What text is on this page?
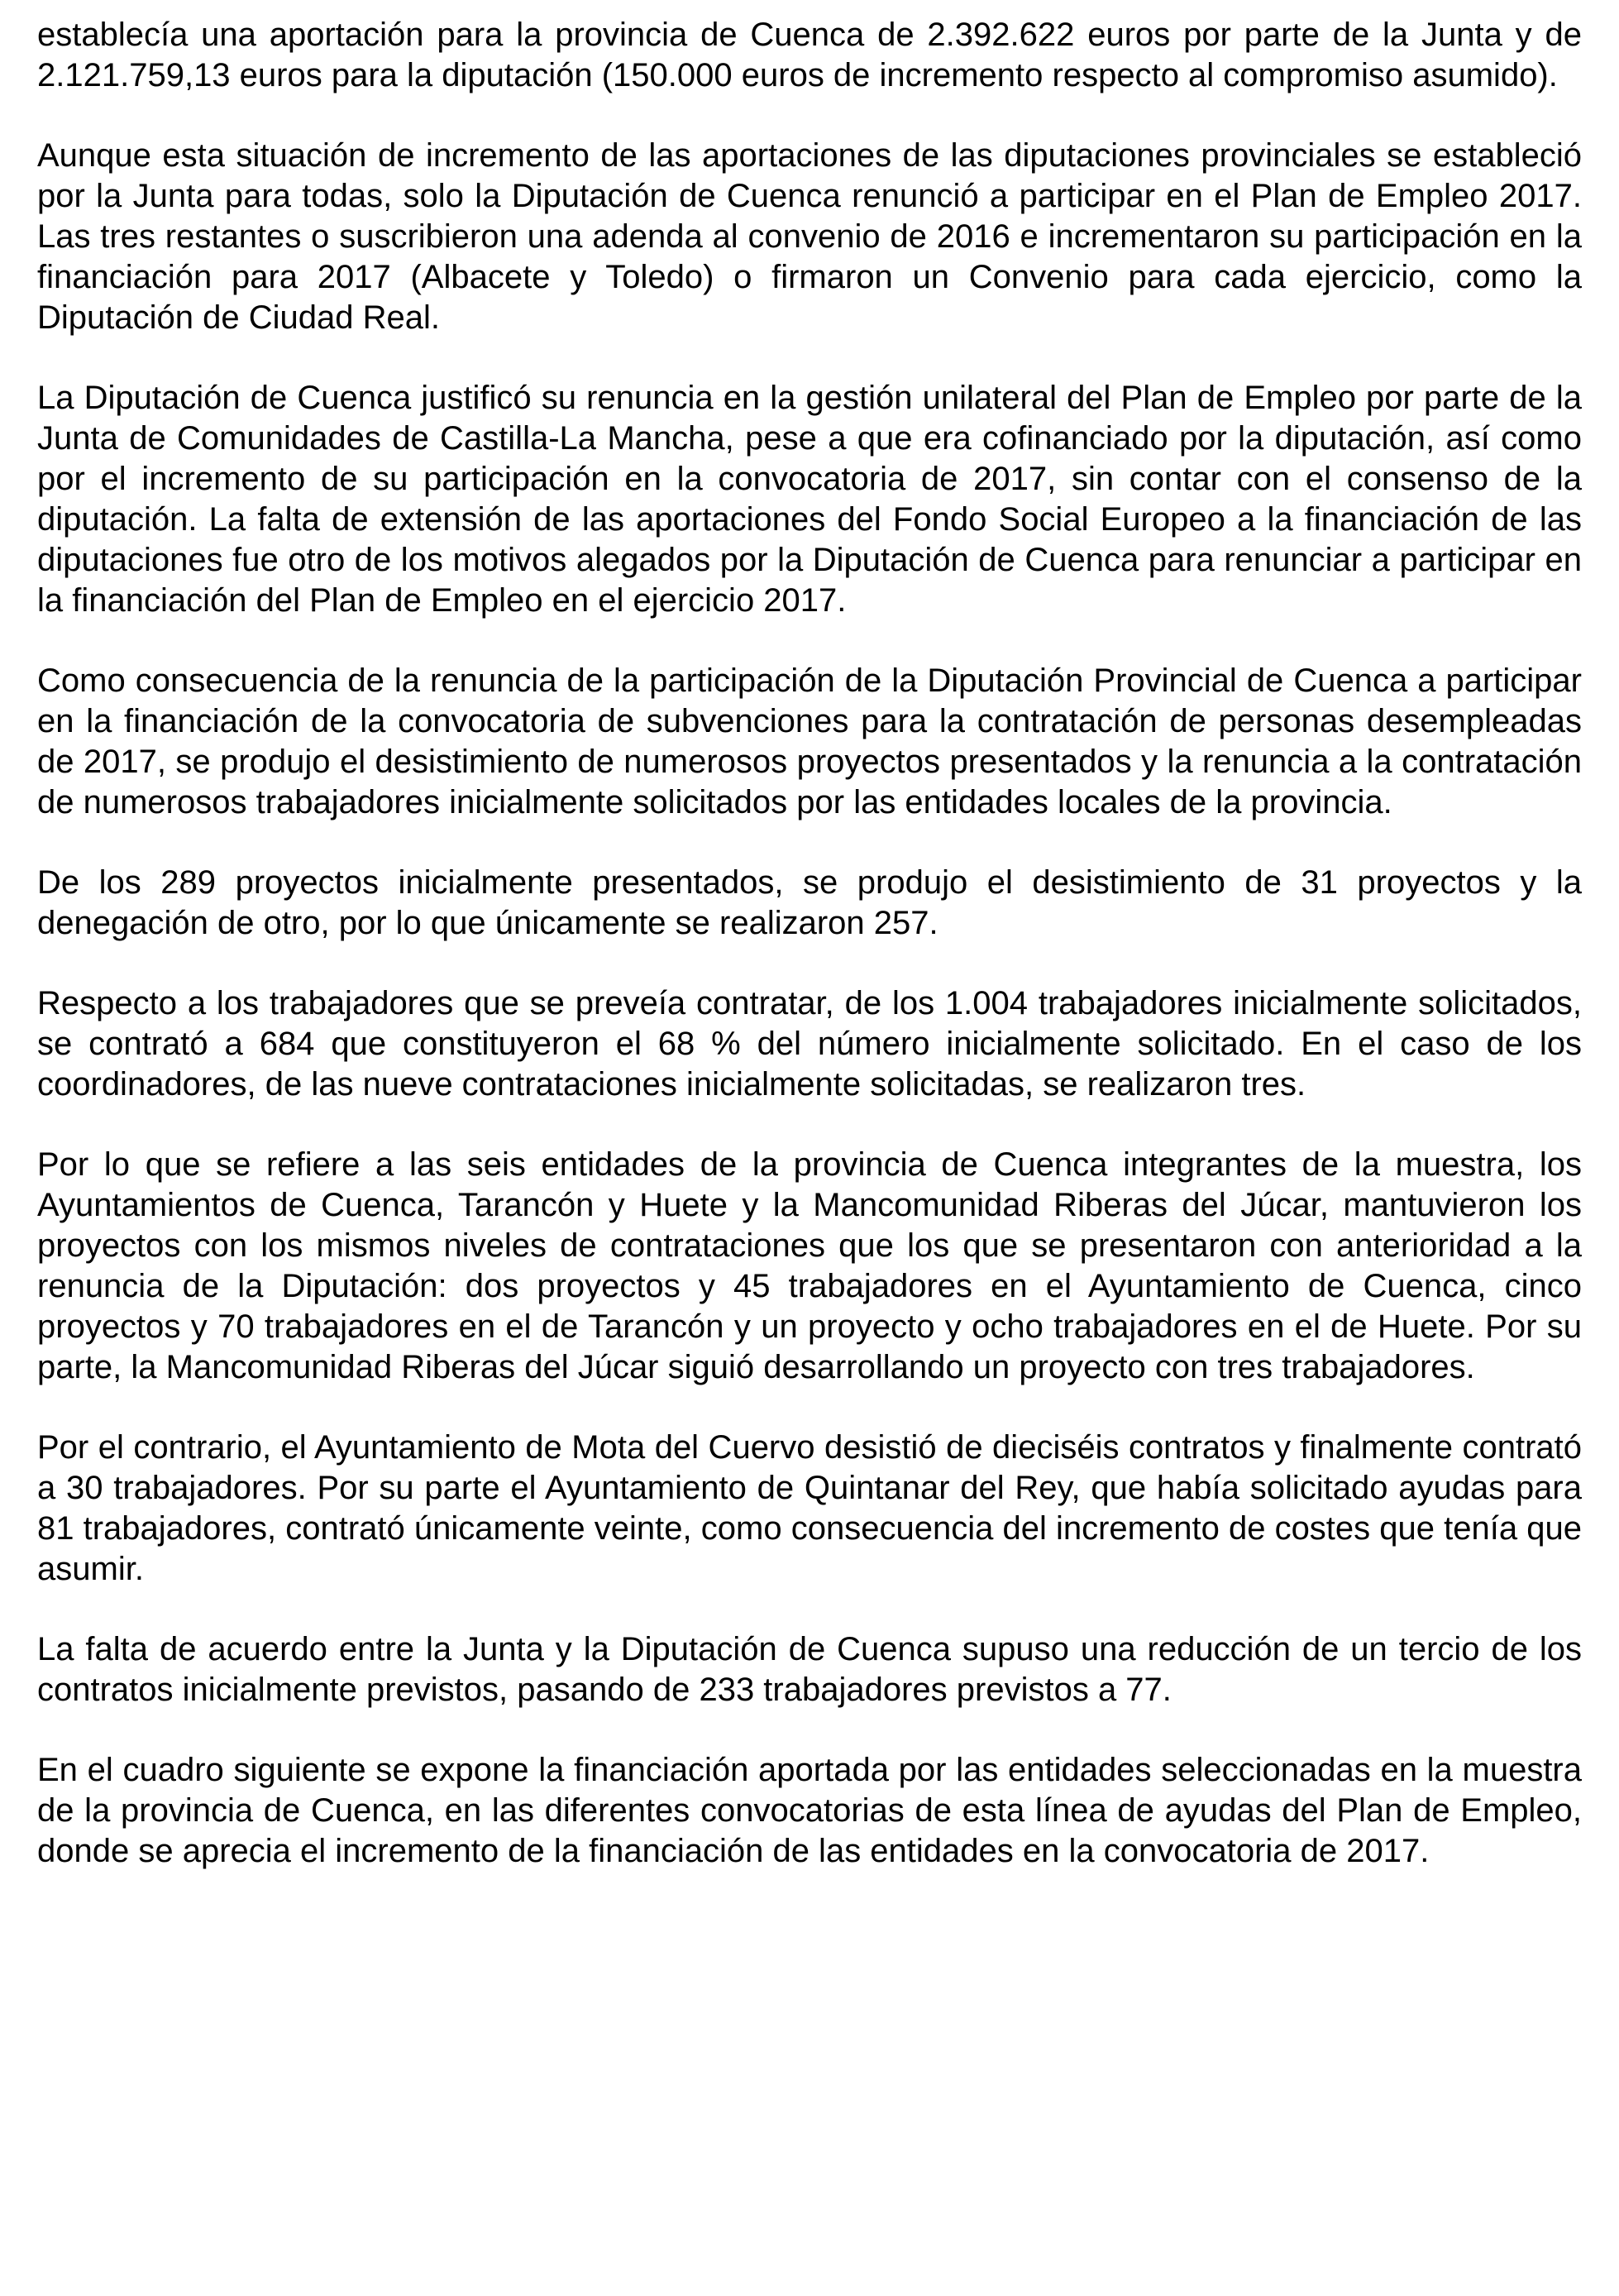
establecía una aportación para la provincia de Cuenca de 2.392.622 euros por parte de la Junta y de 2.121.759,13 euros para la diputación (150.000 euros de incremento respecto al compromiso asumido).

Aunque esta situación de incremento de las aportaciones de las diputaciones provinciales se estableció por la Junta para todas, solo la Diputación de Cuenca renunció a participar en el Plan de Empleo 2017. Las tres restantes o suscribieron una adenda al convenio de 2016 e incrementaron su participación en la financiación para 2017 (Albacete y Toledo) o firmaron un Convenio para cada ejercicio, como la Diputación de Ciudad Real.

La Diputación de Cuenca justificó su renuncia en la gestión unilateral del Plan de Empleo por parte de la Junta de Comunidades de Castilla-La Mancha, pese a que era cofinanciado por la diputación, así como por el incremento de su participación en la convocatoria de 2017, sin contar con el consenso de la diputación. La falta de extensión de las aportaciones del Fondo Social Europeo a la financiación de las diputaciones fue otro de los motivos alegados por la Diputación de Cuenca para renunciar a participar en la financiación del Plan de Empleo en el ejercicio 2017.

Como consecuencia de la renuncia de la participación de la Diputación Provincial de Cuenca a participar en la financiación de la convocatoria de subvenciones para la contratación de personas desempleadas de 2017, se produjo el desistimiento de numerosos proyectos presentados y la renuncia a la contratación de numerosos trabajadores inicialmente solicitados por las entidades locales de la provincia.

De los 289 proyectos inicialmente presentados, se produjo el desistimiento de 31 proyectos y la denegación de otro, por lo que únicamente se realizaron 257.

Respecto a los trabajadores que se preveía contratar, de los 1.004 trabajadores inicialmente solicitados, se contrató a 684 que constituyeron el 68 % del número inicialmente solicitado. En el caso de los coordinadores, de las nueve contrataciones inicialmente solicitadas, se realizaron tres.

Por lo que se refiere a las seis entidades de la provincia de Cuenca integrantes de la muestra, los Ayuntamientos de Cuenca, Tarancón y Huete y la Mancomunidad Riberas del Júcar, mantuvieron los proyectos con los mismos niveles de contrataciones que los que se presentaron con anterioridad a la renuncia de la Diputación: dos proyectos y 45 trabajadores en el Ayuntamiento de Cuenca, cinco proyectos y 70 trabajadores en el de Tarancón y un proyecto y ocho trabajadores en el de Huete. Por su parte, la Mancomunidad Riberas del Júcar siguió desarrollando un proyecto con tres trabajadores.

Por el contrario, el Ayuntamiento de Mota del Cuervo desistió de dieciséis contratos y finalmente contrató a 30 trabajadores. Por su parte el Ayuntamiento de Quintanar del Rey, que había solicitado ayudas para 81 trabajadores, contrató únicamente veinte, como consecuencia del incremento de costes que tenía que asumir.

La falta de acuerdo entre la Junta y la Diputación de Cuenca supuso una reducción de un tercio de los contratos inicialmente previstos, pasando de 233 trabajadores previstos a 77.

En el cuadro siguiente se expone la financiación aportada por las entidades seleccionadas en la muestra de la provincia de Cuenca, en las diferentes convocatorias de esta línea de ayudas del Plan de Empleo, donde se aprecia el incremento de la financiación de las entidades en la convocatoria de 2017.
